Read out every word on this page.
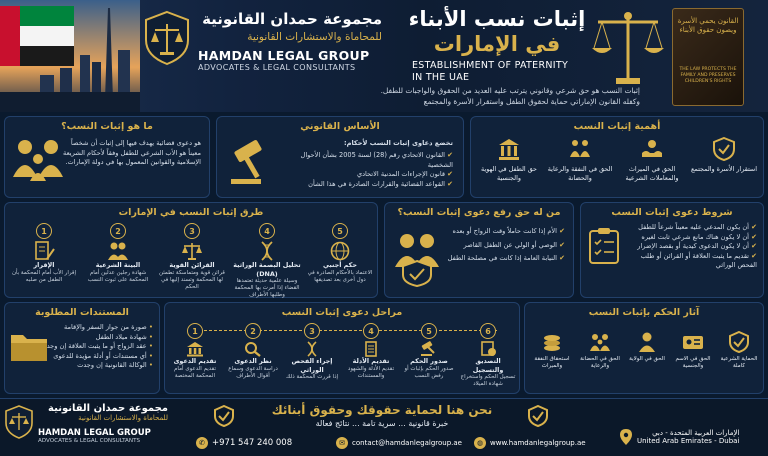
مجموعة حمدان القانونية
للمحاماة والاستشارات القانونية
HAMDAN LEGAL GROUP
ADVOCATES & LEGAL CONSULTANTS
إثبات نسب الأبناء
في الإمارات
ESTABLISHMENT OF PATERNITY
IN THE UAE
إثبات النسب هو حق شرعي وقانوني يترتب عليه العديد من الحقوق والواجبات للطفل.
وكفله القانون الإماراتي حماية لحقوق الطفل واستقرار الأسرة والمجتمع
القانون يحمي الأسرة ويصون حقوق الأبناء
THE LAW PROTECTS THE FAMILY AND PRESERVES CHILDREN'S RIGHTS
ما هو إثبات النسب؟
هو دعوى قضائية يهدف فيها إلى إثبات أن شخصاً معيناً هو الأب الشرعي للطفل وفقاً لأحكام الشريعة الإسلامية والقوانين المعمول بها في دولة الإمارات.
الأساس القانوني
تخضع دعاوى إثبات النسب لأحكام:
✔ القانون الاتحادي رقم (28) لسنة 2005 بشأن الأحوال الشخصية
✔ قانون الإجراءات المدنية الاتحادي
✔ القواعد القضائية والقرارات الصادرة في هذا الشأن
أهمية إثبات النسب
استقرار الأسرة والمجتمع
الحق في الميراث والمعاملات الشرعية
الحق في النفقة والرعاية والحضانة
حق الطفل في الهوية والجنسية
طرق إثبات النسب في الإمارات
1
الإقرار
إقرار الأب أمام المحكمة بأن الطفل من صلبه
2
البينة الشرعية
شهادة رجلين عدلين أمام المحكمة على ثبوت النسب
3
القرائن القوية
قرائن قوية ومتماسكة تطمئن لها المحكمة وتسند إليها في الحكم
4
تحليل البصمة الوراثية (DNA)
وسيلة علمية حديثة تعتمدها القضاء إذا أمرت بها المحكمة وطلبها الأطراف
5
حكم أجنبي
الاعتماد بالأحكام الصادرة في دول أخرى بعد تصديقها
من له حق رفع دعوى إثبات النسب؟
✔ الأم إذا كانت حاملاً وقت الزواج أو بعده
✔ الوصي أو الولي عن الطفل القاصر
✔ النيابة العامة إذا كانت في مصلحة الطفل
شروط دعوى إثبات النسب
✔ أن يكون المدعي عليه معيناً شرعاً للطفل
✔ أن لا يكون هناك مانع شرعي ثابت لغيره
✔ أن لا يكون الدعوى كيدية أو بقصد الإضرار
✔ تقديم ما يثبت العلاقة أو القرائن أو طلب الفحص الوراثي
المستندات المطلوبة
• صورة من جواز السفر والإقامة
• شهادة ميلاد الطفل
• عقد الزواج أو ما يثبت العلاقة إن وجد
• أي مستندات أو أدلة مؤيدة للدعوى
• الوكالة القانونية إن وجدت
مراحل دعوى إثبات النسب
1
تقديم الدعوى
تقديم الدعوى أمام المحكمة المختصة
2
نظر الدعوى
دراسة الدعوى وسماع أقوال الأطراف
3
إجراء الفحص الوراثي
إذا قررت المحكمة ذلك
4
تقديم الأدلة
تقديم الأدلة والشهود والمستندات
5
صدور الحكم
صدور الحكم بإثبات أو رفض النسب
6
التصديق والتسجيل
تسجيل الحكم واستخراج شهادة الميلاد
آثار الحكم بإثبات النسب
الحماية الشرعية كاملة
الحق في الاسم والجنسية
الحق في الولاية
الحق في الحضانة والرعاية
استحقاق النفقة والميراث
مجموعة حمدان القانونية
للمحاماة والاستشارات القانونية
HAMDAN LEGAL GROUP
ADVOCATES & LEGAL CONSULTANTS
نحن هنا لحماية حقوقك وحقوق أبنائك
خبرة قانونية ... سرية تامة ... نتائج فعالة
✆ +971 547 240 008	✉	contact@hamdanlegalgroup.ae	◍ www.hamdanlegalgroup.ae
الإمارات العربية المتحدة - دبي
United Arab Emirates - Dubai
